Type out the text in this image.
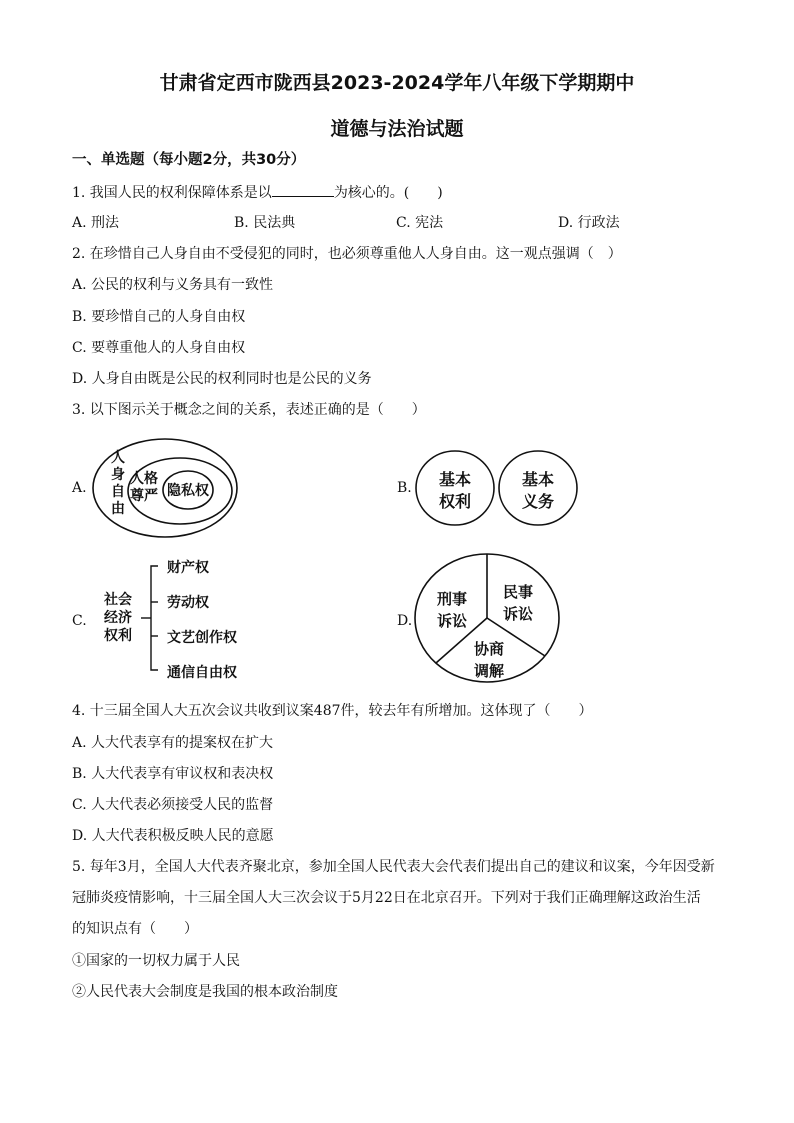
甘肃省定西市陇西县2023-2024学年八年级下学期期中
道德与法治试题
一、单选题（每小题2分，共30分）
1. 我国人民的权利保障体系是以	为核心的。(　　)
A. 刑法	B. 民法典	C. 宪法	D. 行政法
2. 在珍惜自己人身自由不受侵犯的同时，也必须尊重他人人身自由。这一观点强调（　）
A. 公民的权利与义务具有一致性
B. 要珍惜自己的人身自由权
C. 要尊重他人的人身自由权
D. 人身自由既是公民的权利同时也是公民的义务
3. 以下图示关于概念之间的关系，表述正确的是（　　）
A.
人身自由
人格尊严 隐私权	B. 基本权利
基本义务
C.
社会经济权利
财产权
劳动权
文艺创作权
通信自由权
D.
刑事诉讼
民事诉讼
协商调解
4. 十三届全国人大五次会议共收到议案487件，较去年有所增加。这体现了（　　）
A. 人大代表享有的提案权在扩大
B. 人大代表享有审议权和表决权
C. 人大代表必须接受人民的监督
D. 人大代表积极反映人民的意愿
5. 每年3月，全国人大代表齐聚北京，参加全国人民代表大会代表们提出自己的建议和议案，今年因受新
冠肺炎疫情影响，十三届全国人大三次会议于5月22日在北京召开。下列对于我们正确理解这政治生活
的知识点有（　　）
①国家的一切权力属于人民
②人民代表大会制度是我国的根本政治制度
